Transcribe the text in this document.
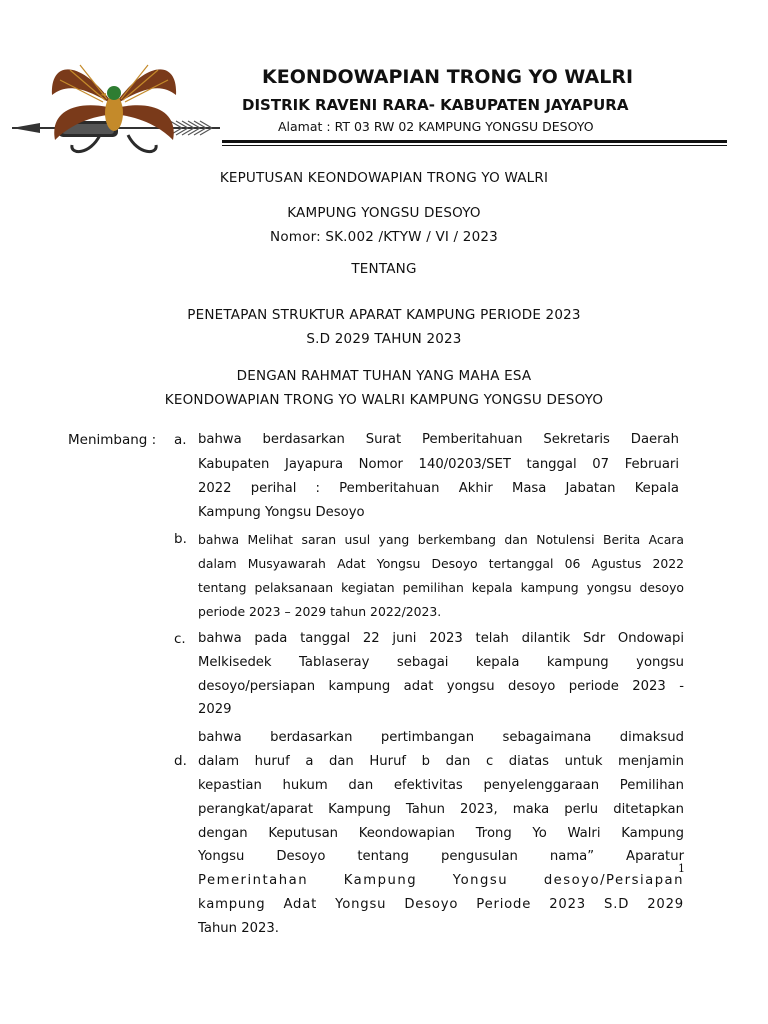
KEONDOWAPIAN TRONG YO WALRI
DISTRIK RAVENI RARA- KABUPATEN JAYAPURA
Alamat : RT 03 RW 02 KAMPUNG YONGSU DESOYO
KEPUTUSAN KEONDOWAPIAN TRONG YO WALRI
KAMPUNG YONGSU DESOYO
Nomor: SK.002 /KTYW / VI / 2023
TENTANG
PENETAPAN STRUKTUR APARAT KAMPUNG PERIODE 2023
S.D 2029 TAHUN 2023
DENGAN RAHMAT TUHAN YANG MAHA ESA
KEONDOWAPIAN TRONG YO WALRI KAMPUNG YONGSU DESOYO
Menimbang : a. bahwa berdasarkan Surat Pemberitahuan Sekretaris Daerah
Kabupaten Jayapura Nomor 140/0203/SET tanggal 07 Februari
2022 perihal : Pemberitahuan Akhir Masa Jabatan Kepala
Kampung Yongsu Desoyo
b. bahwa Melihat saran usul yang berkembang dan Notulensi Berita Acara
dalam Musyawarah Adat Yongsu Desoyo tertanggal 06 Agustus 2022
tentang pelaksanaan kegiatan pemilihan kepala kampung yongsu desoyo
periode 2023 – 2029 tahun 2022/2023.
c. bahwa pada tanggal 22 juni 2023 telah dilantik Sdr Ondowapi
Melkisedek Tablaseray sebagai kepala kampung yongsu
desoyo/persiapan kampung adat yongsu desoyo periode 2023 -
2029
bahwa berdasarkan pertimbangan sebagaimana dimaksud
d. dalam huruf a dan Huruf b dan c diatas untuk menjamin
kepastian hukum dan efektivitas penyelenggaraan Pemilihan
perangkat/aparat Kampung Tahun 2023, maka perlu ditetapkan
dengan Keputusan Keondowapian Trong Yo Walri Kampung
Yongsu Desoyo tentang pengusulan nama” Aparatur
Pemerintahan Kampung Yongsu desoyo/Persiapan
kampung Adat Yongsu Desoyo Periode 2023 S.D 2029
Tahun 2023.
1
